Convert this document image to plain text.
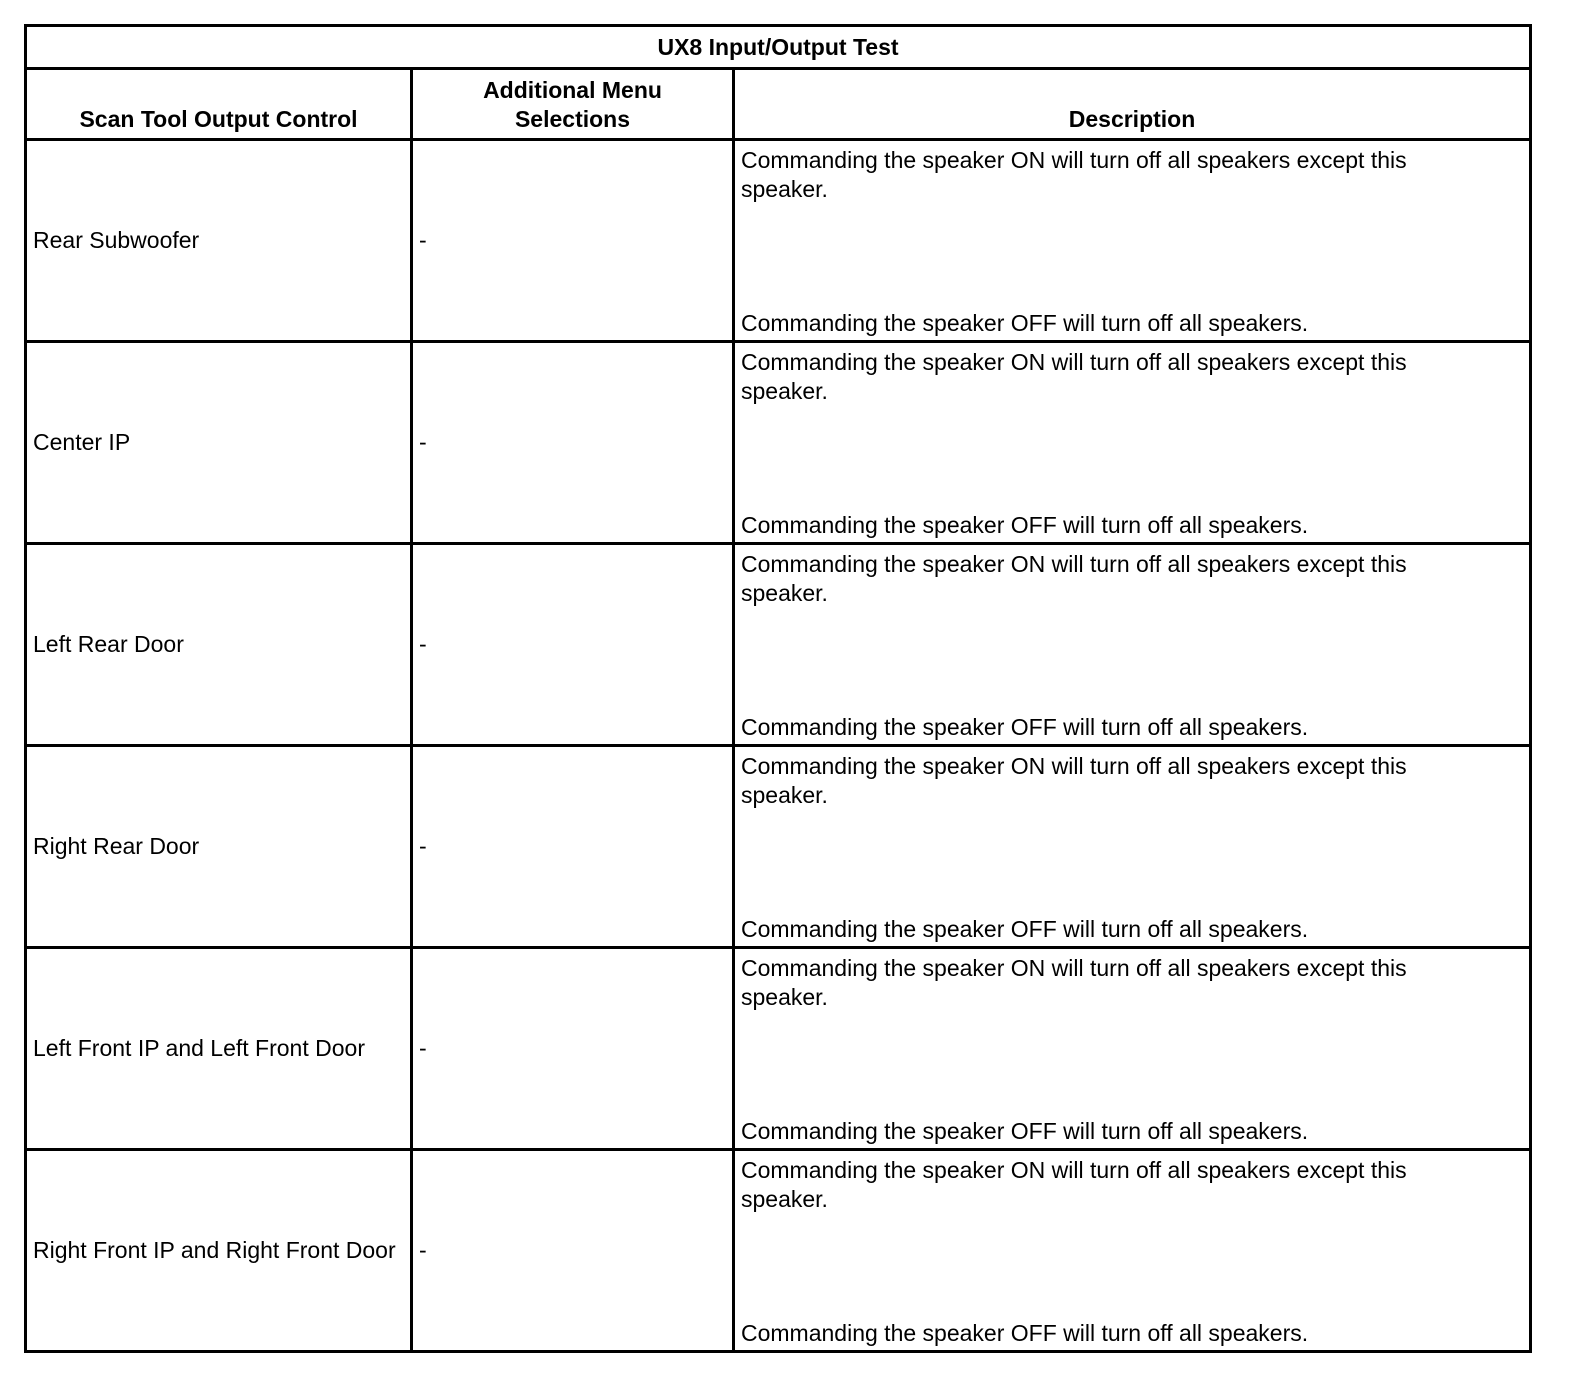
UX8 Input/Output Test		
Scan Tool Output Control	Additional Menu Selections	Description
Rear Subwoofer	-	Commanding the speaker ON will turn off all speakers except this speaker.
Commanding the speaker OFF will turn off all speakers.

Center IP	-	Commanding the speaker ON will turn off all speakers except this speaker.
Commanding the speaker OFF will turn off all speakers.

Left Rear Door	-	Commanding the speaker ON will turn off all speakers except this speaker.
Commanding the speaker OFF will turn off all speakers.

Right Rear Door	-	Commanding the speaker ON will turn off all speakers except this speaker.
Commanding the speaker OFF will turn off all speakers.

Left Front IP and Left Front Door	-	Commanding the speaker ON will turn off all speakers except this speaker.
Commanding the speaker OFF will turn off all speakers.

Right Front IP and Right Front Door	-	Commanding the speaker ON will turn off all speakers except this speaker.
Commanding the speaker OFF will turn off all speakers.
